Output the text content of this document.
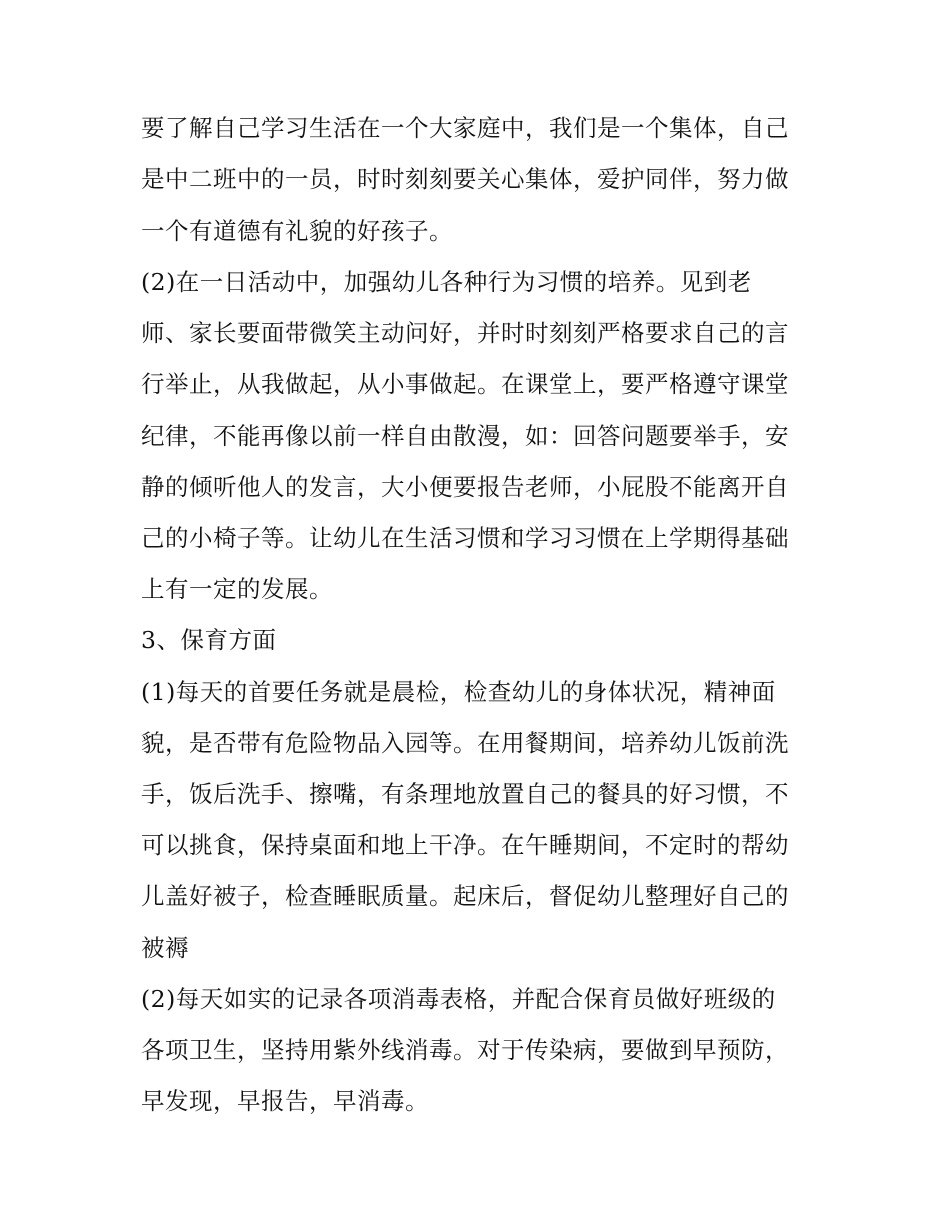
要了解自己学习生活在一个大家庭中，我们是一个集体，自己
是中二班中的一员，时时刻刻要关心集体，爱护同伴，努力做
一个有道德有礼貌的好孩子。
(2)在一日活动中，加强幼儿各种行为习惯的培养。见到老
师、家长要面带微笑主动问好，并时时刻刻严格要求自己的言
行举止，从我做起，从小事做起。在课堂上，要严格遵守课堂
纪律，不能再像以前一样自由散漫，如：回答问题要举手，安
静的倾听他人的发言，大小便要报告老师，小屁股不能离开自
己的小椅子等。让幼儿在生活习惯和学习习惯在上学期得基础
上有一定的发展。
3、保育方面
(1)每天的首要任务就是晨检，检查幼儿的身体状况，精神面
貌，是否带有危险物品入园等。在用餐期间，培养幼儿饭前洗
手，饭后洗手、擦嘴，有条理地放置自己的餐具的好习惯，不
可以挑食，保持桌面和地上干净。在午睡期间，不定时的帮幼
儿盖好被子，检查睡眠质量。起床后，督促幼儿整理好自己的
被褥
(2)每天如实的记录各项消毒表格，并配合保育员做好班级的
各项卫生，坚持用紫外线消毒。对于传染病，要做到早预防，
早发现，早报告，早消毒。
